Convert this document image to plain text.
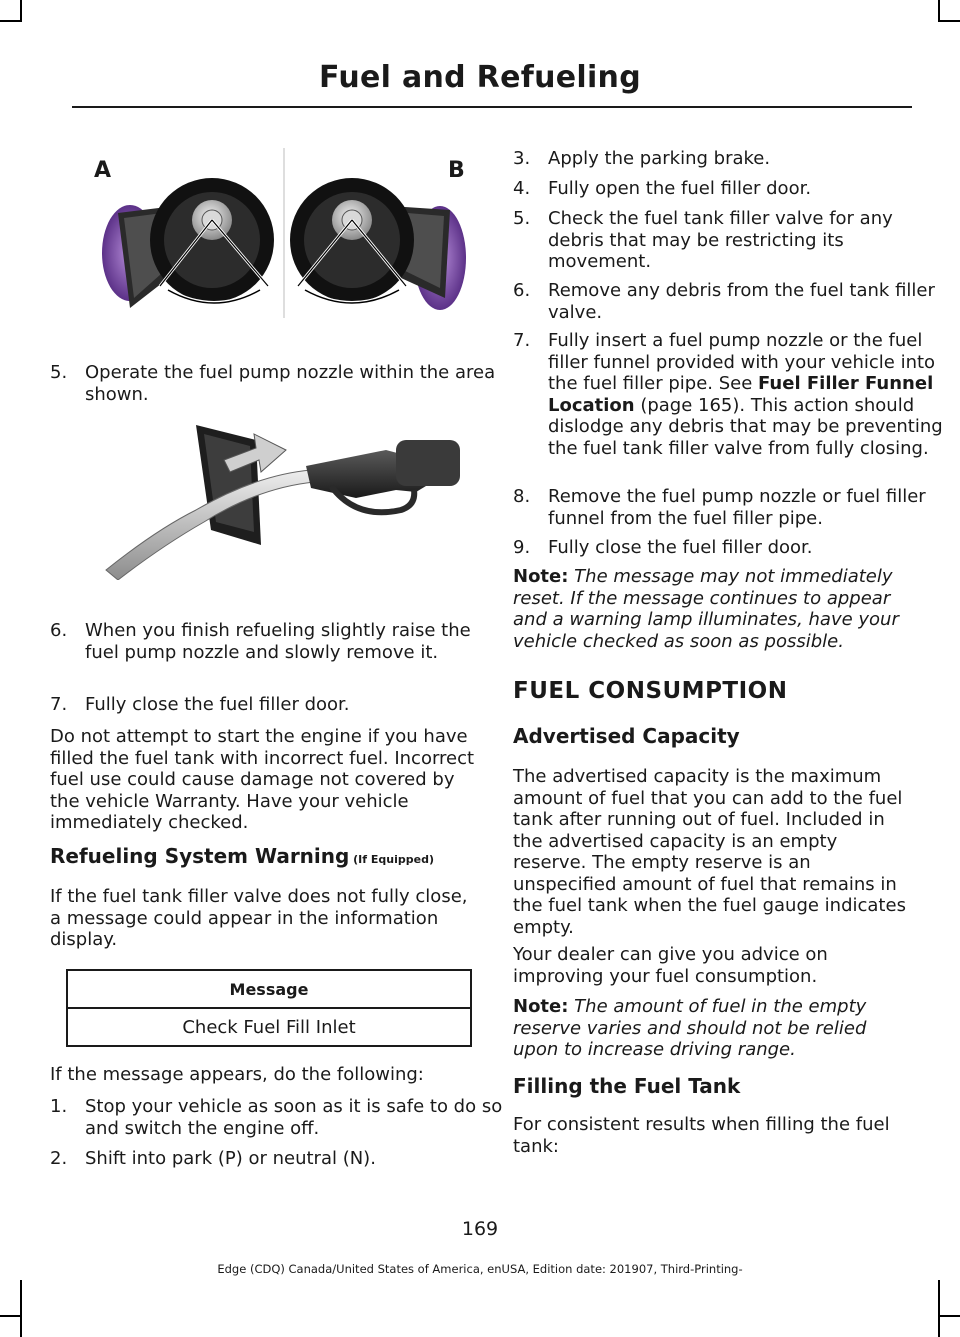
Fuel and Refueling
A	B
5. Operate the fuel pump nozzle within the area shown.
6. When you finish refueling slightly raise the fuel pump nozzle and slowly remove it.
7. Fully close the fuel filler door.

Do not attempt to start the engine if you have filled the fuel tank with incorrect fuel. Incorrect fuel use could cause damage not covered by the vehicle Warranty. Have your vehicle immediately checked.

Refueling System Warning (If Equipped)

If the fuel tank filler valve does not fully close, a message could appear in the information display.

Message
Check Fuel Fill Inlet

If the message appears, do the following:

1. Stop your vehicle as soon as it is safe to do so and switch the engine off.
2. Shift into park (P) or neutral (N).
3. Apply the parking brake.
4. Fully open the fuel filler door.
5. Check the fuel tank filler valve for any debris that may be restricting its movement.
6. Remove any debris from the fuel tank filler valve.
7. Fully insert a fuel pump nozzle or the fuel filler funnel provided with your vehicle into the fuel filler pipe. See Fuel Filler Funnel Location (page 165). This action should dislodge any debris that may be preventing the fuel tank filler valve from fully closing.
8. Remove the fuel pump nozzle or fuel filler funnel from the fuel filler pipe.
9. Fully close the fuel filler door.

Note: The message may not immediately reset. If the message continues to appear and a warning lamp illuminates, have your vehicle checked as soon as possible.

FUEL CONSUMPTION
Advertised Capacity

The advertised capacity is the maximum amount of fuel that you can add to the fuel tank after running out of fuel. Included in the advertised capacity is an empty reserve. The empty reserve is an unspecified amount of fuel that remains in the fuel tank when the fuel gauge indicates empty.

Your dealer can give you advice on improving your fuel consumption.

Note: The amount of fuel in the empty reserve varies and should not be relied upon to increase driving range.

Filling the Fuel Tank

For consistent results when filling the fuel tank:

169
Edge (CDQ) Canada/United States of America, enUSA, Edition date: 201907, Third-Printing-
